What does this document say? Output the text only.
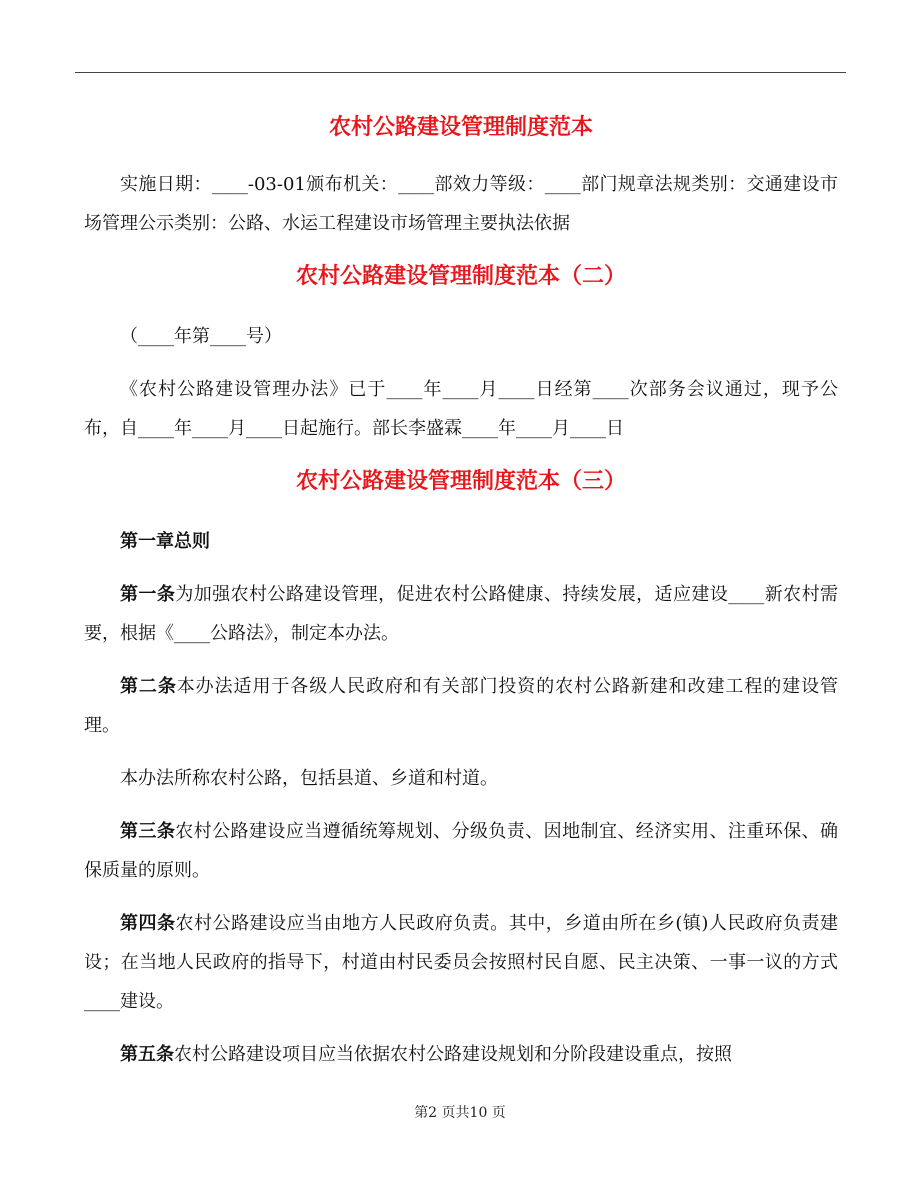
农村公路建设管理制度范本

实施日期：____-03-01颁布机关：____部效力等级：____部门规章法规类别：交通建设市场管理公示类别：公路、水运工程建设市场管理主要执法依据

农村公路建设管理制度范本（二）

（____年第____号）

《农村公路建设管理办法》已于____年____月____日经第____次部务会议通过，现予公布，自____年____月____日起施行。部长李盛霖____年____月____日

农村公路建设管理制度范本（三）

第一章总则

第一条为加强农村公路建设管理，促进农村公路健康、持续发展，适应建设____新农村需要，根据《____公路法》，制定本办法。

第二条本办法适用于各级人民政府和有关部门投资的农村公路新建和改建工程的建设管理。

本办法所称农村公路，包括县道、乡道和村道。

第三条农村公路建设应当遵循统筹规划、分级负责、因地制宜、经济实用、注重环保、确保质量的原则。

第四条农村公路建设应当由地方人民政府负责。其中，乡道由所在乡(镇)人民政府负责建设；在当地人民政府的指导下，村道由村民委员会按照村民自愿、民主决策、一事一议的方式____建设。

第五条农村公路建设项目应当依据农村公路建设规划和分阶段建设重点，按照

第2 页共10 页
